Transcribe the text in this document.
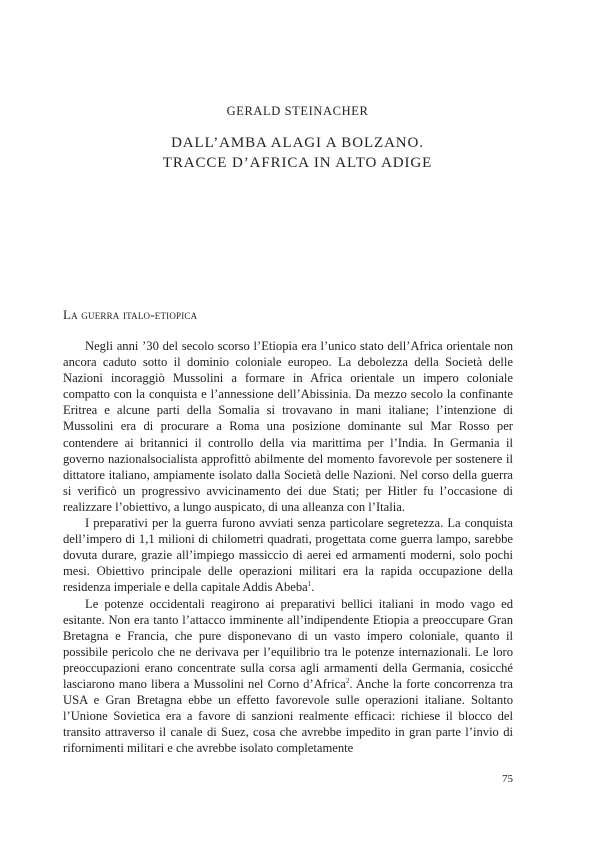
GERALD STEINACHER
DALL’AMBA ALAGI A BOLZANO.
TRACCE D’AFRICA IN ALTO ADIGE
La guerra italo-etiopica

Negli anni ’30 del secolo scorso l’Etiopia era l’unico stato dell’Africa orientale non ancora caduto sotto il dominio coloniale europeo. La debolezza della Società delle Nazioni incoraggiò Mussolini a formare in Africa orientale un impero coloniale compatto con la conquista e l’annessione dell’Abissinia. Da mezzo secolo la confinante Eritrea e alcune parti della Somalia si trovavano in mani italiane; l’intenzione di Mussolini era di procurare a Roma una posizione dominante sul Mar Rosso per contendere ai britannici il controllo della via marittima per l’India. In Germania il governo nazionalsocialista approfittò abilmente del momento favorevole per sostenere il dittatore italiano, ampiamente isolato dalla Società delle Nazioni. Nel corso della guerra si verificò un progressivo avvicinamento dei due Stati; per Hitler fu l’occasione di realizzare l’obiettivo, a lungo auspicato, di una alleanza con l’Italia.

I preparativi per la guerra furono avviati senza particolare segretezza. La conquista dell’impero di 1,1 milioni di chilometri quadrati, progettata come guerra lampo, sarebbe dovuta durare, grazie all’impiego massiccio di aerei ed armamenti moderni, solo pochi mesi. Obiettivo principale delle operazioni militari era la rapida occupazione della residenza imperiale e della capitale Addis Abeba$^1$.

Le potenze occidentali reagirono ai preparativi bellici italiani in modo vago ed esitante. Non era tanto l’attacco imminente all’indipendente Etiopia a preoccupare Gran Bretagna e Francia, che pure disponevano di un vasto impero coloniale, quanto il possibile pericolo che ne derivava per l’equilibrio tra le potenze internazionali. Le loro preoccupazioni erano concentrate sulla corsa agli armamenti della Germania, cosicché lasciarono mano libera a Mussolini nel Corno d’Africa$^2$. Anche la forte concorrenza tra USA e Gran Bretagna ebbe un effetto favorevole sulle operazioni italiane. Soltanto l’Unione Sovietica era a favore di sanzioni realmente efficaci: richiese il blocco del transito attraverso il canale di Suez, cosa che avrebbe impedito in gran parte l’invio di rifornimenti militari e che avrebbe isolato completamente

75
